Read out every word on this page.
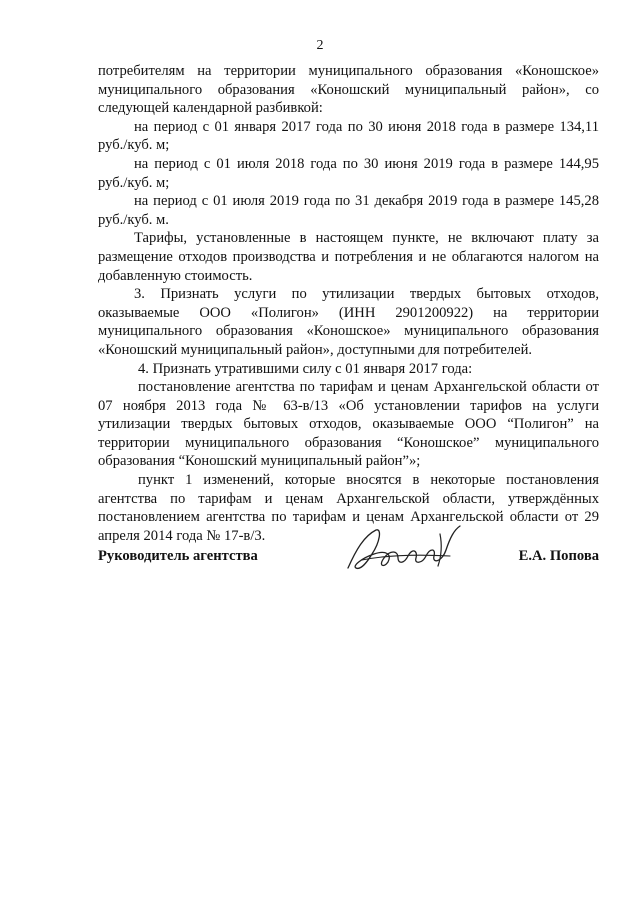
2

потребителям на территории муниципального образования «Коношское» муниципального образования «Коношский муниципальный район», со следующей календарной разбивкой:

на период с 01 января 2017 года по 30 июня 2018 года в размере 134,11 руб./куб. м;

на период с 01 июля 2018 года по 30 июня 2019 года в размере 144,95 руб./куб. м;

на период с 01 июля 2019 года по 31 декабря 2019 года в размере 145,28 руб./куб. м.

Тарифы, установленные в настоящем пункте, не включают плату за размещение отходов производства и потребления и не облагаются налогом на добавленную стоимость.

3. Признать услуги по утилизации твердых бытовых отходов, оказываемые ООО «Полигон» (ИНН 2901200922) на территории муниципального образования «Коношское» муниципального образования «Коношский муниципальный район», доступными для потребителей.

4. Признать утратившими силу с 01 января 2017 года:

постановление агентства по тарифам и ценам Архангельской области от 07 ноября 2013 года № 63-в/13 «Об установлении тарифов на услуги утилизации твердых бытовых отходов, оказываемые ООО “Полигон” на территории муниципального образования “Коношское” муниципального образования “Коношский муниципальный район”»;

пункт 1 изменений, которые вносятся в некоторые постановления агентства по тарифам и ценам Архангельской области, утверждённых постановлением агентства по тарифам и ценам Архангельской области от 29 апреля 2014 года № 17-в/3.

Руководитель агентства	Е.А. Попова
